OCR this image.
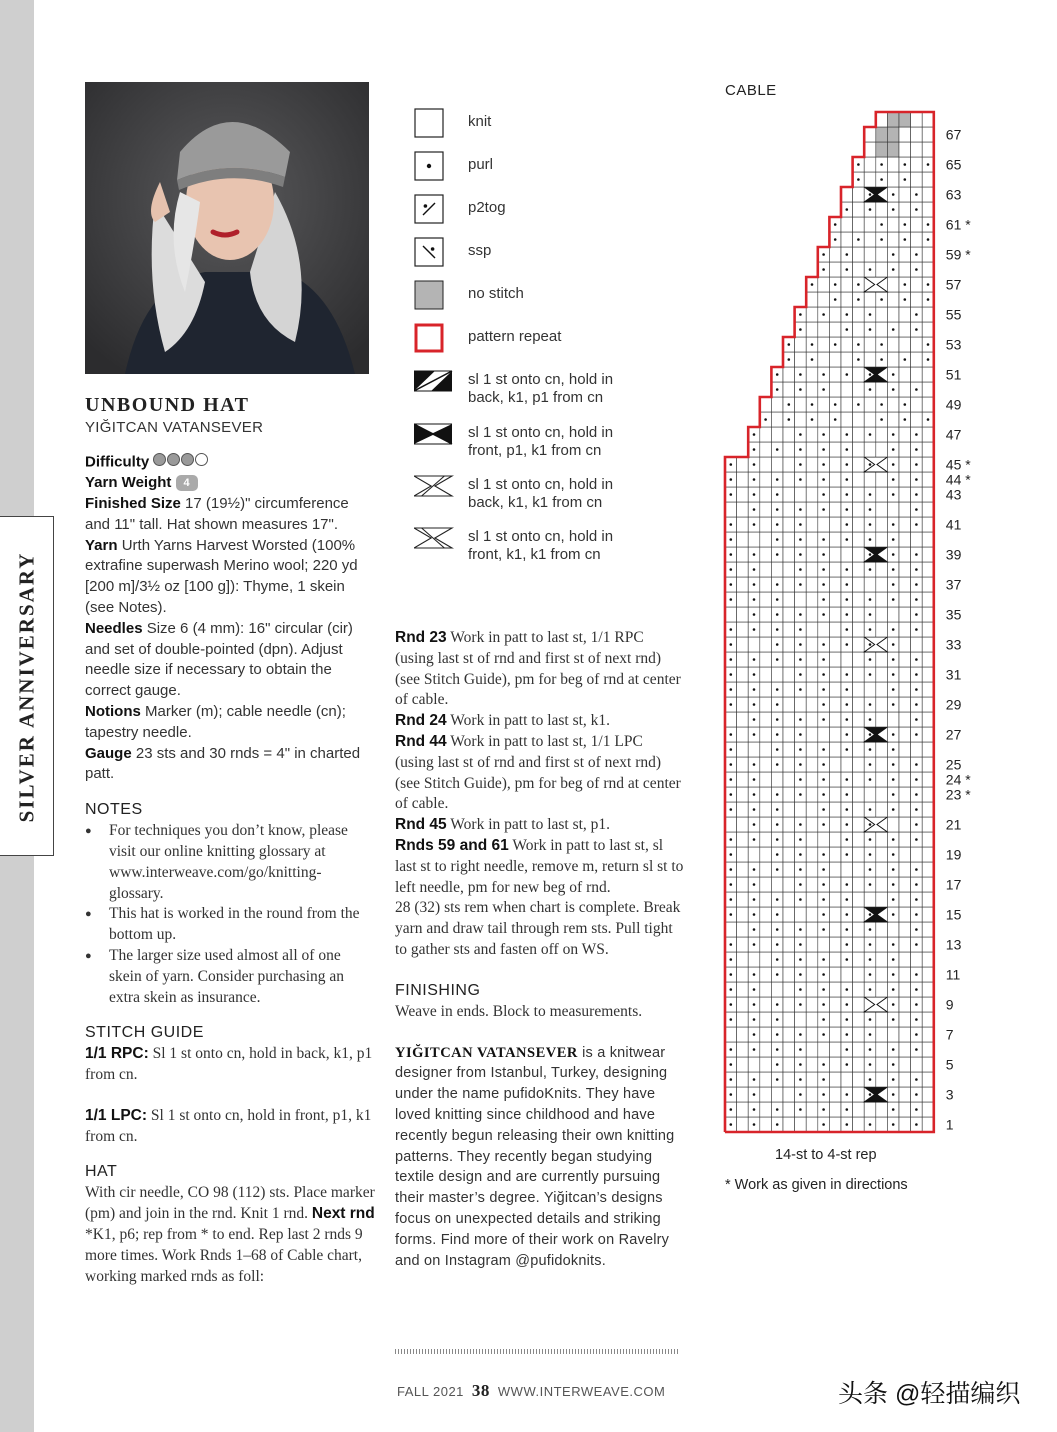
SILVER ANNIVERSARY
UNBOUND HAT
YIĞITCAN VATANSEVER
Difficulty
Yarn Weight 4
Finished Size 17 (19½)" circumference and 11" tall. Hat shown measures 17".
Yarn Urth Yarns Harvest Worsted (100% extrafine superwash Merino wool; 220 yd [200 m]/3½ oz [100 g]): Thyme, 1 skein (see Notes).
Needles Size 6 (4 mm): 16" circular (cir) and set of double-pointed (dpn). Adjust needle size if necessary to obtain the correct gauge.
Notions Marker (m); cable needle (cn); tapestry needle.
Gauge 23 sts and 30 rnds = 4" in charted patt.
NOTES
● For techniques you don’t know, please visit our online knitting glossary at www.interweave.com/go/knitting-glossary.
● This hat is worked in the round from the bottom up.
● The larger size used almost all of one skein of yarn. Consider purchasing an extra skein as insurance.
STITCH GUIDE
1/1 RPC: Sl 1 st onto cn, hold in back, k1, p1 from cn.
1/1 LPC: Sl 1 st onto cn, hold in front, p1, k1 from cn.
HAT
With cir needle, CO 98 (112) sts. Place marker (pm) and join in the rnd. Knit 1 rnd. Next rnd *K1, p6; rep from * to end. Rep last 2 rnds 9 more times. Work Rnds 1–68 of Cable chart, working marked rnds as foll:
knit
purl
p2tog
ssp
no stitch
pattern repeat
sl 1 st onto cn, hold in back, k1, p1 from cn
sl 1 st onto cn, hold in front, p1, k1 from cn
sl 1 st onto cn, hold in back, k1, k1 from cn
sl 1 st onto cn, hold in front, k1, k1 from cn
Rnd 23 Work in patt to last st, 1/1 RPC (using last st of rnd and first st of next rnd) (see Stitch Guide), pm for beg of rnd at center of cable.
Rnd 24 Work in patt to last st, k1.
Rnd 44 Work in patt to last st, 1/1 LPC (using last st of rnd and first st of next rnd) (see Stitch Guide), pm for beg of rnd at center of cable.
Rnd 45 Work in patt to last st, p1.
Rnds 59 and 61 Work in patt to last st, sl last st to right needle, remove m, return sl st to left needle, pm for new beg of rnd.
28 (32) sts rem when chart is complete. Break yarn and draw tail through rem sts. Pull tight to gather sts and fasten off on WS.
FINISHING
Weave in ends. Block to measurements.
YIĞITCAN VATANSEVER is a knitwear designer from Istanbul, Turkey, designing under the name pufidoKnits. They have loved knitting since childhood and have recently begun releasing their own knitting patterns. They recently began studying textile design and are currently pursuing their master’s degree. Yiğitcan’s designs focus on unexpected details and striking forms. Find more of their work on Ravelry and on Instagram @pufidoknits.
CABLE
1
3
5
7
9
11
13
15
17
19
21
23 *
24 *
25
27
29
31
33
35
37
39
41
43
44 *
45 *
47
49
51
53
55
57
59 *
61 *
63
65
67
14-st to 4-st rep
* Work as given in directions
FALL 2021 38 WWW.INTERWEAVE.COM	头条 @轻描编织
